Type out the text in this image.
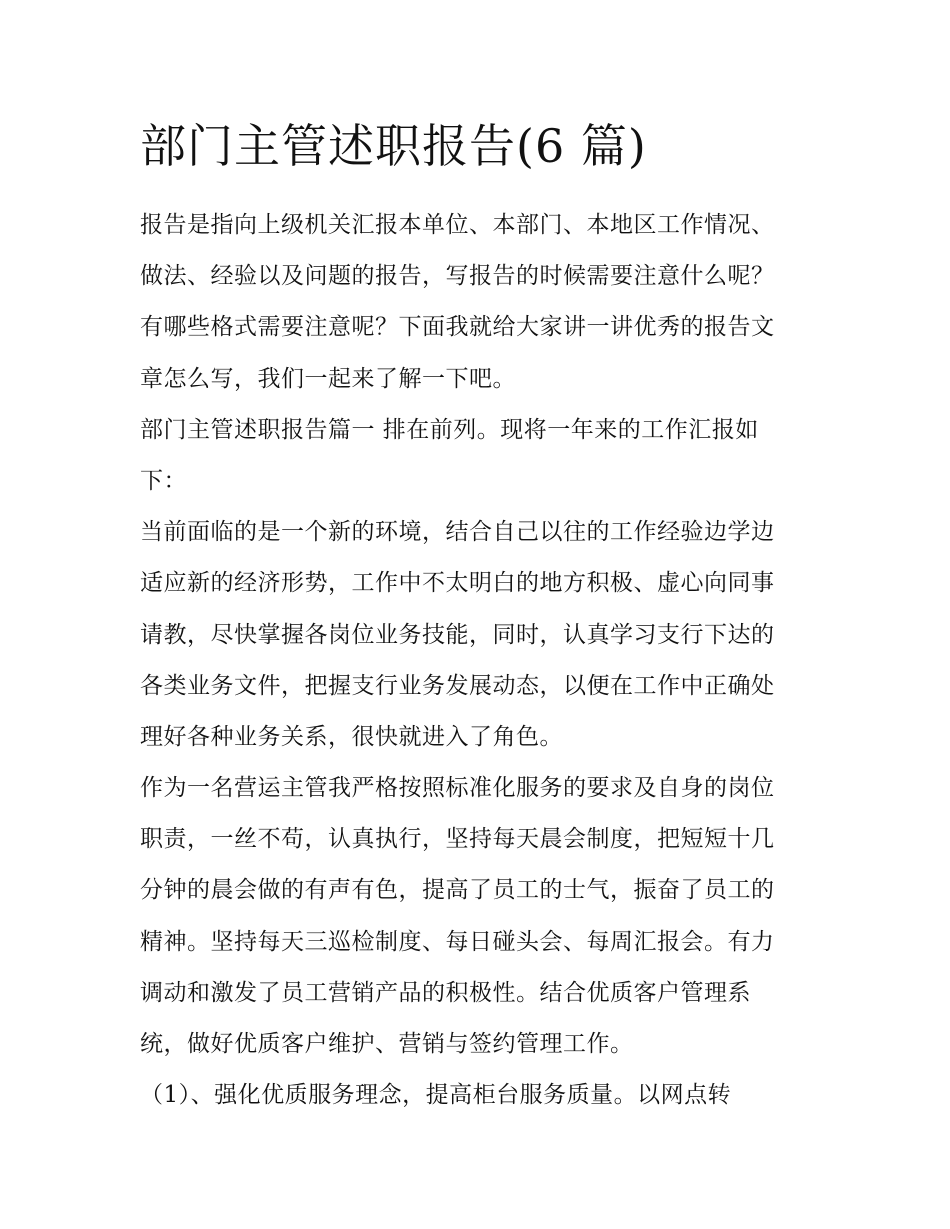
部门主管述职报告(6 篇)
报告是指向上级机关汇报本单位、本部门、本地区工作情况、
做法、经验以及问题的报告，写报告的时候需要注意什么呢？
有哪些格式需要注意呢？下面我就给大家讲一讲优秀的报告文
章怎么写，我们一起来了解一下吧。
部门主管述职报告篇一 排在前列。现将一年来的工作汇报如
下：
当前面临的是一个新的环境，结合自己以往的工作经验边学边
适应新的经济形势，工作中不太明白的地方积极、虚心向同事
请教，尽快掌握各岗位业务技能，同时，认真学习支行下达的
各类业务文件，把握支行业务发展动态，以便在工作中正确处
理好各种业务关系，很快就进入了角色。
作为一名营运主管我严格按照标准化服务的要求及自身的岗位
职责，一丝不苟，认真执行，坚持每天晨会制度，把短短十几
分钟的晨会做的有声有色，提高了员工的士气，振奋了员工的
精神。坚持每天三巡检制度、每日碰头会、每周汇报会。有力
调动和激发了员工营销产品的积极性。结合优质客户管理系
统，做好优质客户维护、营销与签约管理工作。
（1）、强化优质服务理念，提高柜台服务质量。以网点转
